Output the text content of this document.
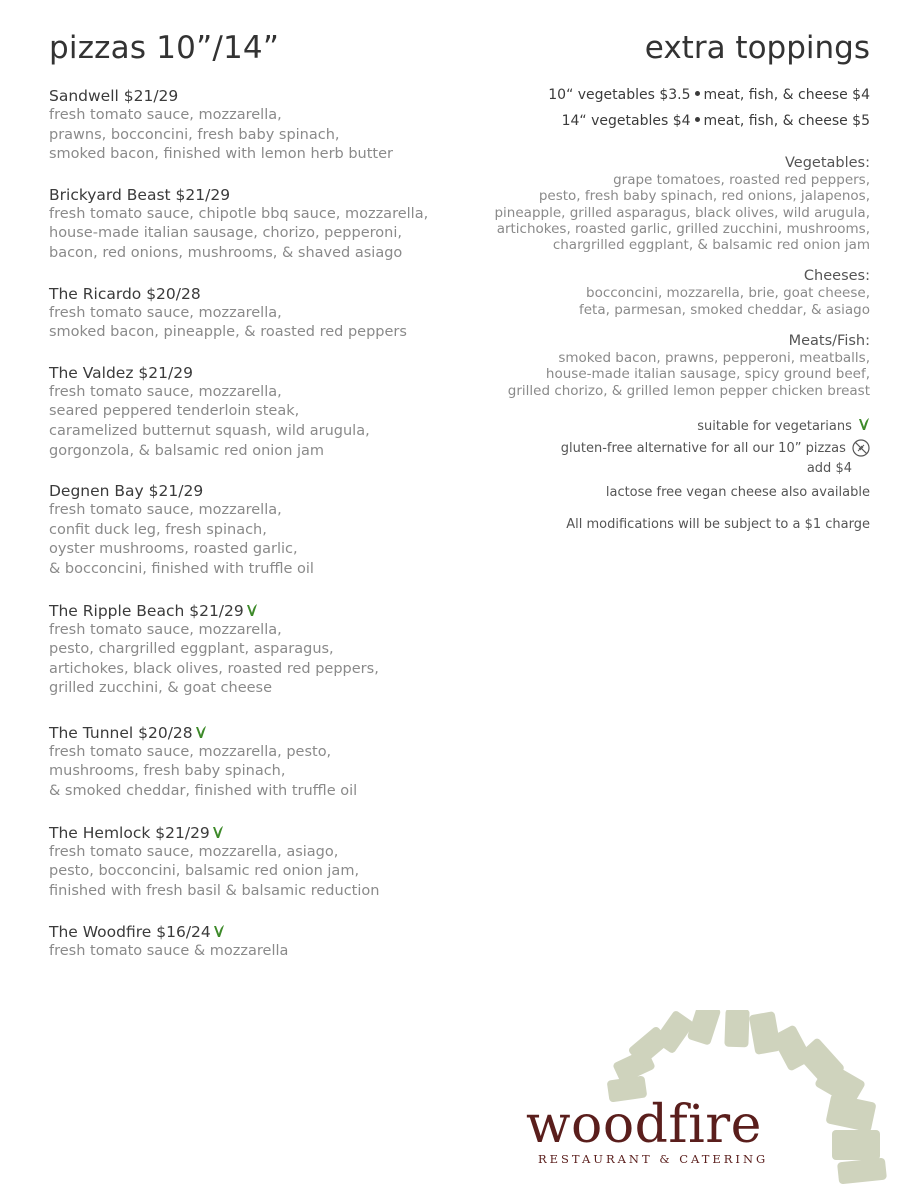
pizzas 10”/14”
Sandwell $21/29
fresh tomato sauce, mozzarella,
prawns, bocconcini, fresh baby spinach,
smoked bacon, finished with lemon herb butter
Brickyard Beast $21/29
fresh tomato sauce, chipotle bbq sauce, mozzarella,
house-made italian sausage, chorizo, pepperoni,
bacon, red onions, mushrooms, & shaved asiago
The Ricardo $20/28
fresh tomato sauce, mozzarella,
smoked bacon, pineapple, & roasted red peppers
The Valdez $21/29
fresh tomato sauce, mozzarella,
seared peppered tenderloin steak,
caramelized butternut squash, wild arugula,
gorgonzola, & balsamic red onion jam
Degnen Bay $21/29
fresh tomato sauce, mozzarella,
confit duck leg, fresh spinach,
oyster mushrooms, roasted garlic,
& bocconcini, finished with truffle oil
The Ripple Beach $21/29
fresh tomato sauce, mozzarella,
pesto, chargrilled eggplant, asparagus,
artichokes, black olives, roasted red peppers,
grilled zucchini, & goat cheese
The Tunnel $20/28
fresh tomato sauce, mozzarella, pesto,
mushrooms, fresh baby spinach,
& smoked cheddar, finished with truffle oil
The Hemlock $21/29
fresh tomato sauce, mozzarella, asiago,
pesto, bocconcini, balsamic red onion jam,
finished with fresh basil & balsamic reduction
The Woodfire $16/24
fresh tomato sauce & mozzarella
extra toppings
10“ vegetables $3.5 meat, fish, & cheese $4
14“ vegetables $4 meat, fish, & cheese $5
Vegetables:
grape tomatoes, roasted red peppers,
pesto, fresh baby spinach, red onions, jalapenos,
pineapple, grilled asparagus, black olives, wild arugula,
artichokes, roasted garlic, grilled zucchini, mushrooms,
chargrilled eggplant, & balsamic red onion jam
Cheeses:
bocconcini, mozzarella, brie, goat cheese,
feta, parmesan, smoked cheddar, & asiago
Meats/Fish:
smoked bacon, prawns, pepperoni, meatballs,
house-made italian sausage, spicy ground beef,
grilled chorizo, & grilled lemon pepper chicken breast
suitable for vegetarians
gluten-free alternative for all our 10” pizzas
add $4
lactose free vegan cheese also available
All modifications will be subject to a $1 charge
woodfire
RESTAURANT & CATERING
